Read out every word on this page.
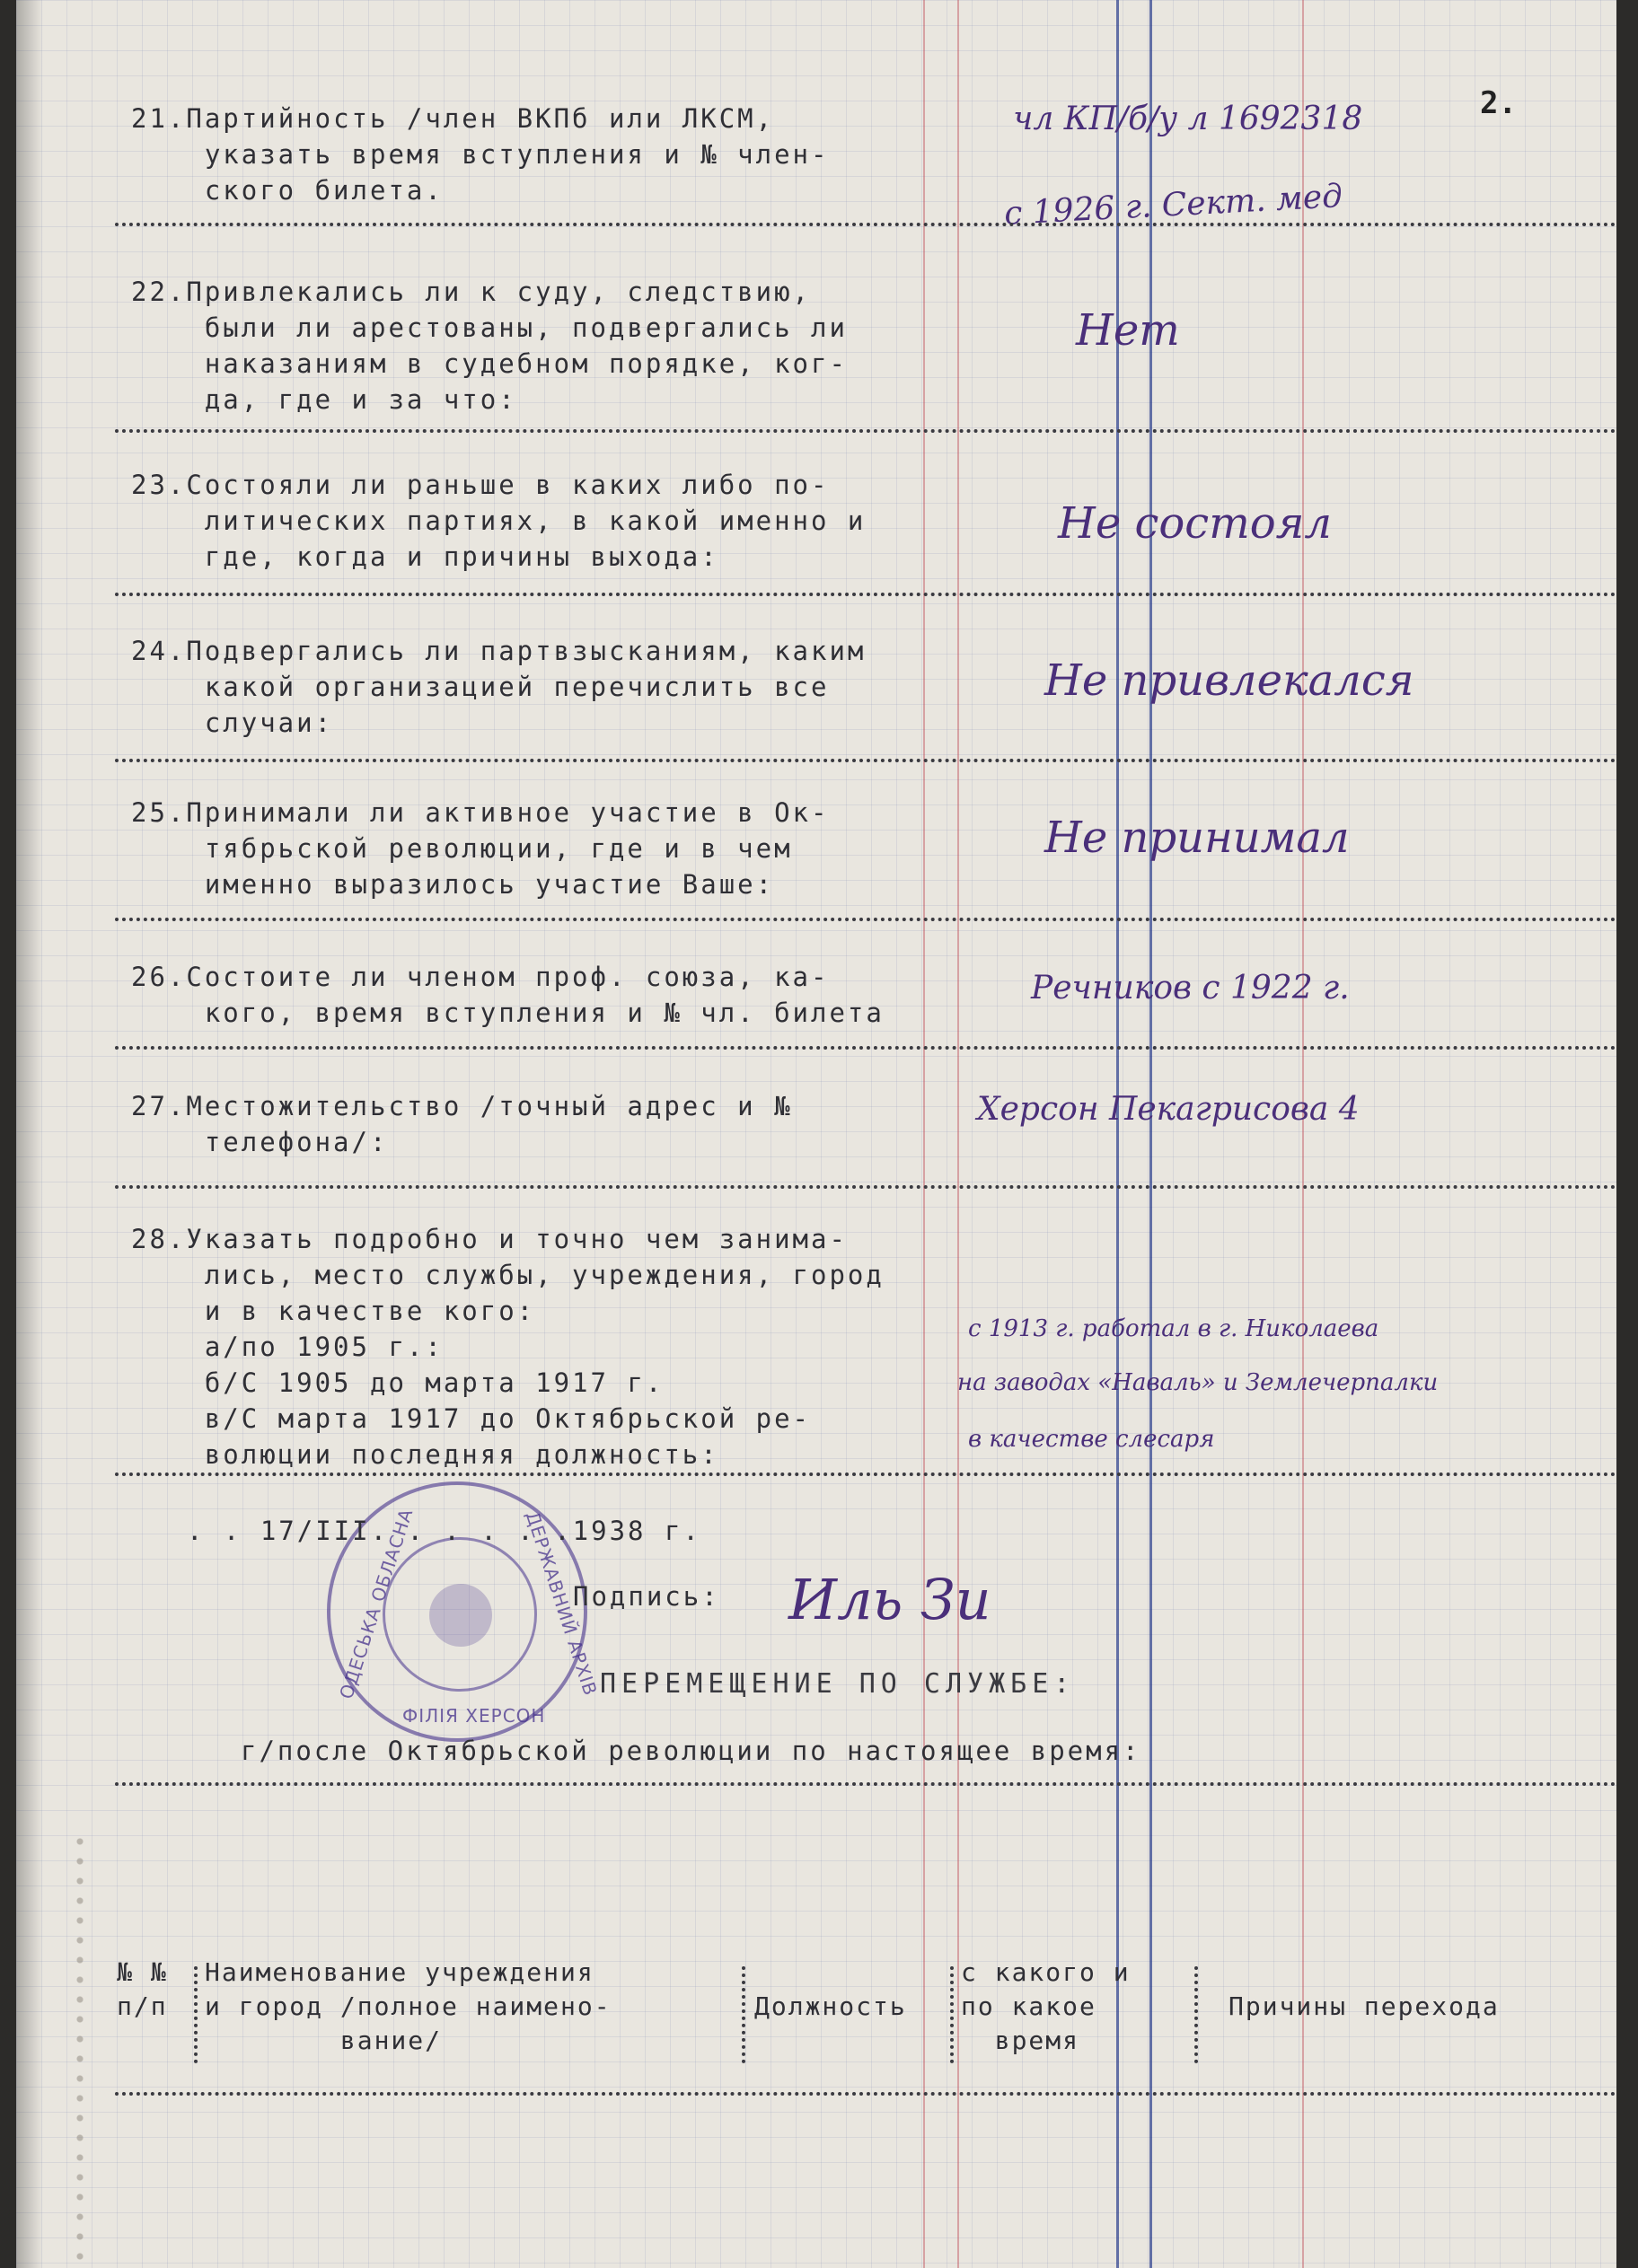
2.
21.Партийность /член ВКПб или ЛКСМ,
указать время вступления и № член-
ского билета.
чл КП/б/у л 1692318
с 1926 г. Сект. мед
22.Привлекались ли к суду, следствию,
были ли арестованы, подвергались ли
наказаниям в судебном порядке, ког-
да, где и за что:
Нет
23.Состояли ли раньше в каких либо по-
литических партиях, в какой именно и
где, когда и причины выхода:
Не состоял
24.Подвергались ли партвзысканиям, каким
какой организацией перечислить все
случаи:
Не привлекался
25.Принимали ли активное участие в Ок-
тябрьской революции, где и в чем
именно выразилось участие Ваше:
Не принимал
26.Состоите ли членом проф. союза, ка-
кого, время вступления и № чл. билета
Речников с 1922 г.
27.Местожительство /точный адрес и №
телефона/:
Херсон Пекагрисова 4
28.Указать подробно и точно чем занима-
лись, место службы, учреждения, город
и в качестве кого:
а/по 1905 г.:
б/С 1905 до марта 1917 г.
в/С марта 1917 до Октябрьской ре-
волюции последняя должность:
с 1913 г. работал в г. Николаева
на заводах «Наваль» и Землечерпалки
в качестве слесаря
ОДЕСЬКА ОБЛАСНА	ДЕРЖАВНИЙ АРХІВ
ФІЛІЯ ХЕРСОН
. . 17/III. . . . . .1938 г.
Подпись: Иль Зи
ПЕРЕМЕЩЕНИЕ ПО СЛУЖБЕ:
г/после Октябрьской революции по настоящее время:
№ №
п/п
Наименование учреждения
и город /полное наимено-
вание/
Должность
с какого и
по какое
время
Причины перехода
